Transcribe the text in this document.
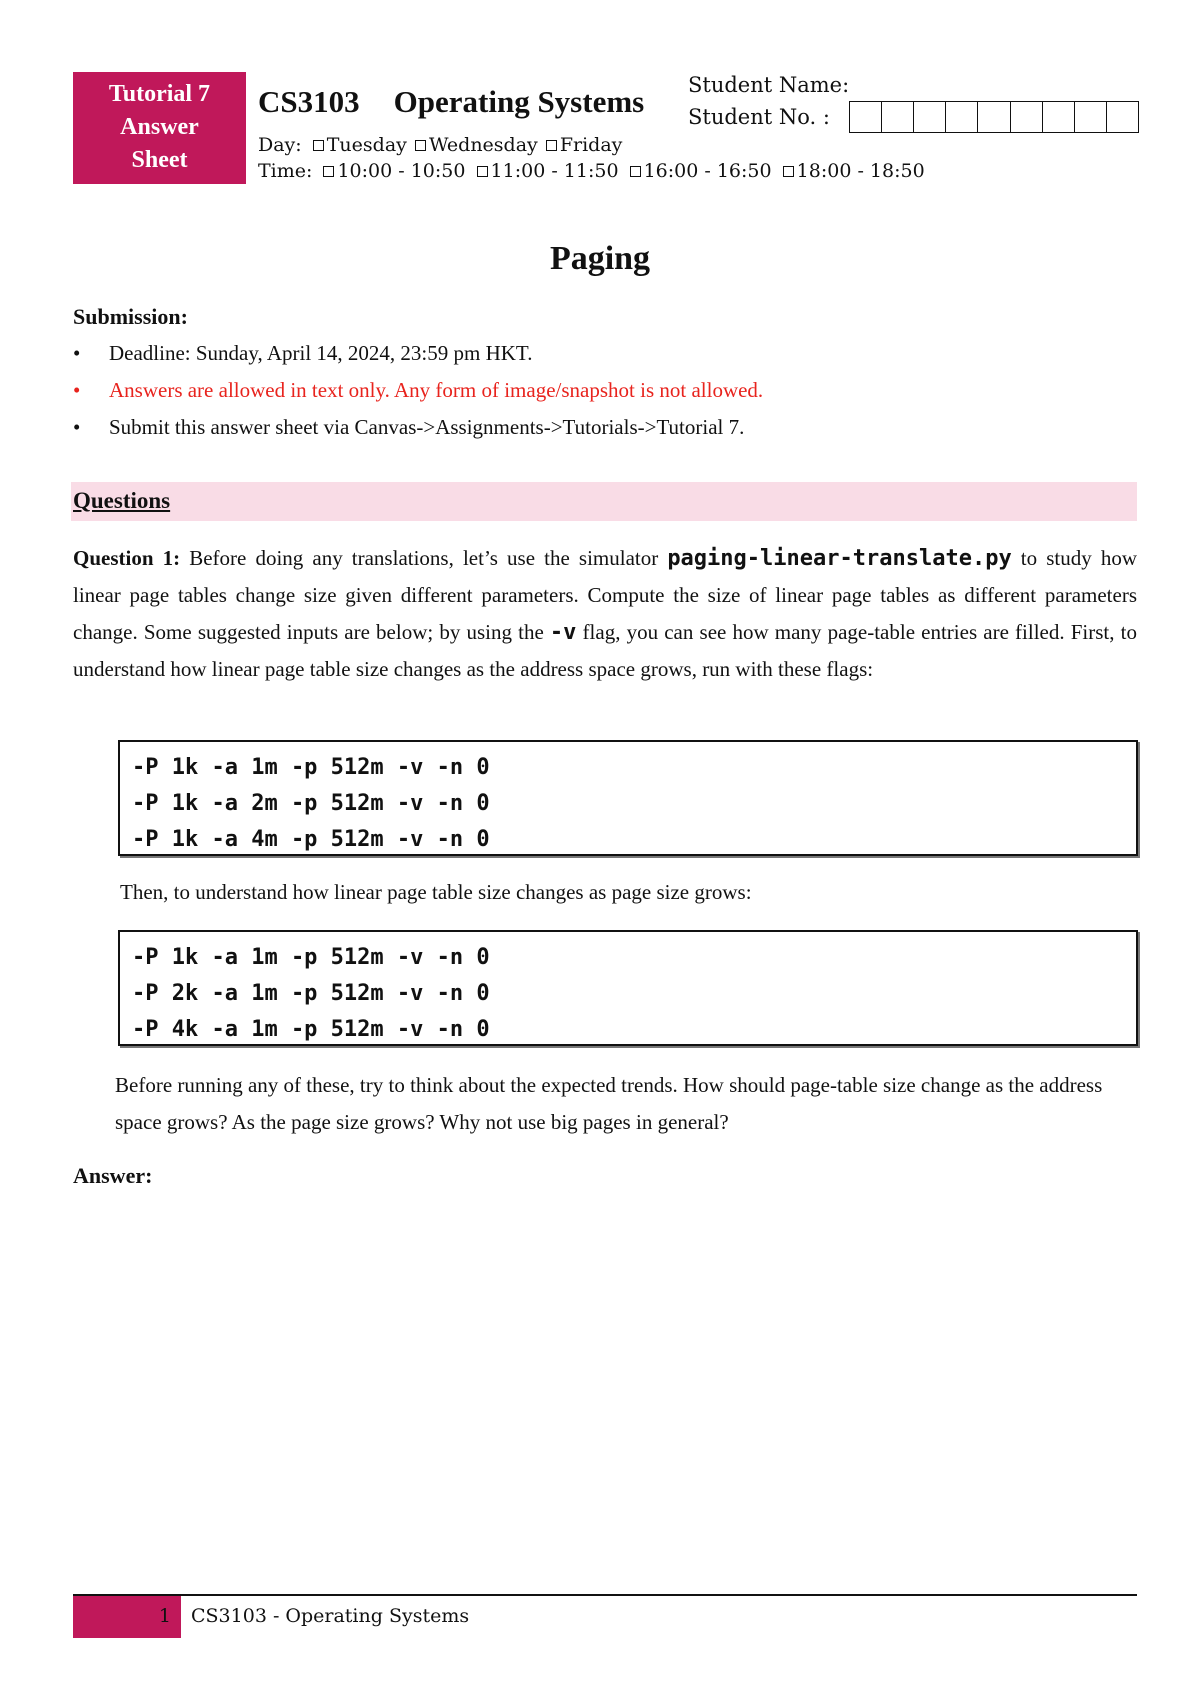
Tutorial 7
Answer
Sheet
CS3103 Operating Systems
Day: Tuesday Wednesday Friday
Time: 10:00 - 10:50 11:00 - 11:50 16:00 - 16:50 18:00 - 18:50
Student Name:
Student No. :
Paging
Submission:
• Deadline: Sunday, April 14, 2024, 23:59 pm HKT.
• Answers are allowed in text only. Any form of image/snapshot is not allowed.
• Submit this answer sheet via Canvas->Assignments->Tutorials->Tutorial 7.
Questions
Question 1: Before doing any translations, let’s use the simulator paging-linear-translate.py to study how linear page tables change size given different parameters. Compute the size of linear page tables as different parameters change. Some suggested inputs are below; by using the -v flag, you can see how many page-table entries are filled. First, to understand how linear page table size changes as the address space grows, run with these flags:
-P 1k -a 1m -p 512m -v -n 0
-P 1k -a 2m -p 512m -v -n 0
-P 1k -a 4m -p 512m -v -n 0
Then, to understand how linear page table size changes as page size grows:
-P 1k -a 1m -p 512m -v -n 0
-P 2k -a 1m -p 512m -v -n 0
-P 4k -a 1m -p 512m -v -n 0
Before running any of these, try to think about the expected trends. How should page-table size change as the address space grows? As the page size grows? Why not use big pages in general?
Answer:
1 CS3103 - Operating Systems
